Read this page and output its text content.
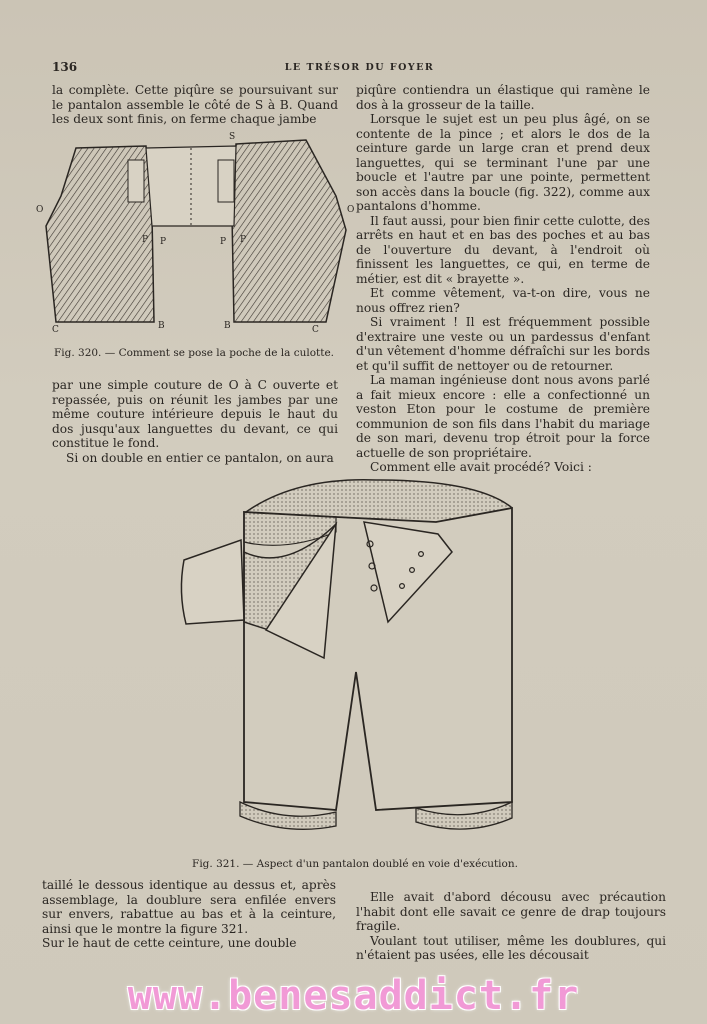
136	LE TRÉSOR DU FOYER

la complète. Cette piqûre se poursuivant sur le pantalon assemble le côté de S à B. Quand les deux sont finis, on ferme chaque jambe

S
O	O
P P	P P
C	B	B	C

Fig. 320. — Comment se pose la poche de la culotte.

par une simple couture de O à C ouverte et repassée, puis on réunit les jambes par une même couture intérieure depuis le haut du dos jusqu'aux languettes du devant, ce qui constitue le fond.

Si on double en entier ce pantalon, on aura

piqûre contiendra un élastique qui ramène le dos à la grosseur de la taille.

Lorsque le sujet est un peu plus âgé, on se contente de la pince ; et alors le dos de la ceinture garde un large cran et prend deux languettes, qui se terminant l'une par une boucle et l'autre par une pointe, permettent son accès dans la boucle (fig. 322), comme aux pantalons d'homme.

Il faut aussi, pour bien finir cette culotte, des arrêts en haut et en bas des poches et au bas de l'ouverture du devant, à l'endroit où finissent les languettes, ce qui, en terme de métier, est dit « brayette ».

Et comme vêtement, va-t-on dire, vous ne nous offrez rien?

Si vraiment ! Il est fréquemment possible d'extraire une veste ou un pardessus d'enfant d'un vêtement d'homme défraîchi sur les bords et qu'il suffit de nettoyer ou de retourner.

La maman ingénieuse dont nous avons parlé a fait mieux encore : elle a confectionné un veston Eton pour le costume de première communion de son fils dans l'habit du mariage de son mari, devenu trop étroit pour la force actuelle de son propriétaire.

Comment elle avait procédé? Voici :

Fig. 321. — Aspect d'un pantalon doublé en voie d'exécution.

taillé le dessous identique au dessus et, après assemblage, la doublure sera enfilée envers sur envers, rabattue au bas et à la ceinture, ainsi que le montre la figure 321.

Sur le haut de cette ceinture, une double

Elle avait d'abord décousu avec précaution l'habit dont elle savait ce genre de drap toujours fragile.

Voulant tout utiliser, même les doublures, qui n'étaient pas usées, elle les décousait

www.benesaddict.fr
